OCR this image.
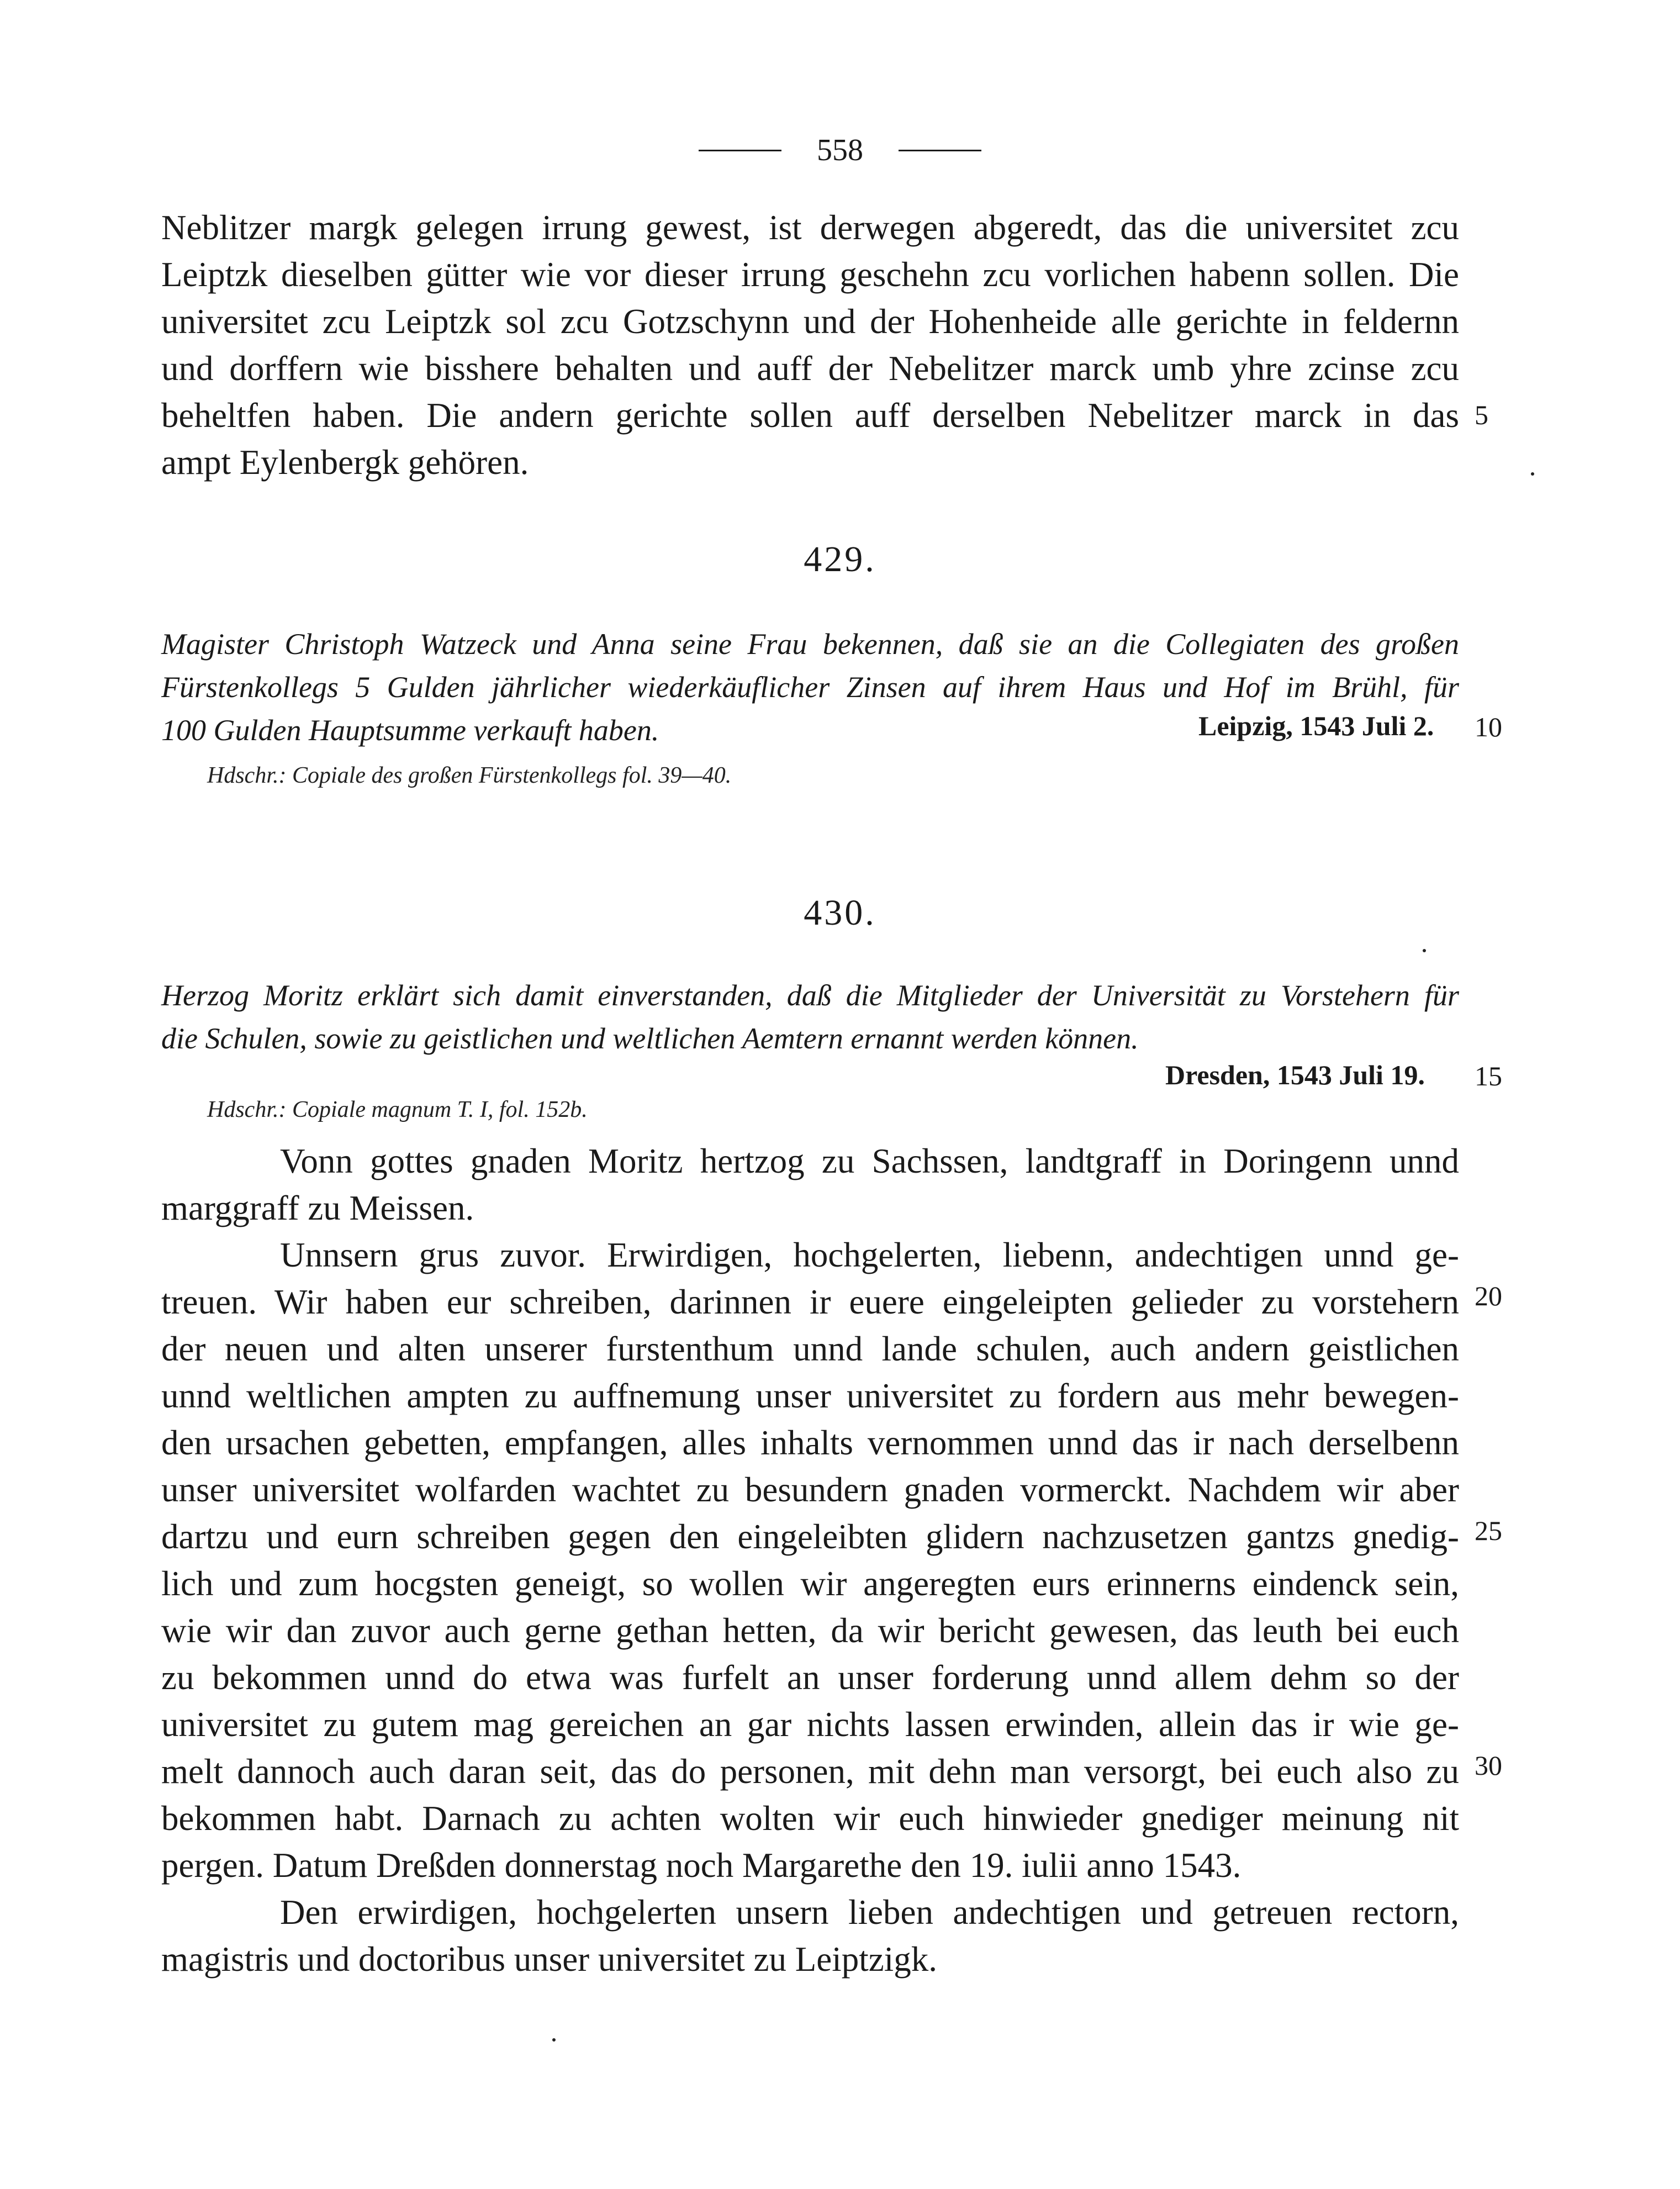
558
Neblitzer margk gelegen irrung gewest, ist derwegen abgeredt, das die universitet zcu
Leiptzk dieselben gütter wie vor dieser irrung geschehn zcu vorlichen habenn sollen. Die
universitet zcu Leiptzk sol zcu Gotzschynn und der Hohenheide alle gerichte in feldernn
und dorffern wie bisshere behalten und auff der Nebelitzer marck umb yhre zcinse zcu
beheltfen haben. Die andern gerichte sollen auff derselben Nebelitzer marck in das
ampt Eylenbergk gehören.
5
429.
Magister Christoph Watzeck und Anna seine Frau bekennen, daß sie an die Collegiaten des großen
Fürstenkollegs 5 Gulden jährlicher wiederkäuflicher Zinsen auf ihrem Haus und Hof im Brühl, für
100 Gulden Hauptsumme verkauft haben.	Leipzig, 1543 Juli 2. 10
Hdschr.: Copiale des großen Fürstenkollegs fol. 39—40.
430.
Herzog Moritz erklärt sich damit einverstanden, daß die Mitglieder der Universität zu Vorstehern für
die Schulen, sowie zu geistlichen und weltlichen Aemtern ernannt werden können.
Dresden, 1543 Juli 19. 15
Hdschr.: Copiale magnum T. I, fol. 152b.
Vonn gottes gnaden Moritz hertzog zu Sachssen, landtgraff in Doringenn unnd
marggraff zu Meissen.
Unnsern grus zuvor. Erwirdigen, hochgelerten, liebenn, andechtigen unnd ge-
treuen. Wir haben eur schreiben, darinnen ir euere eingeleipten gelieder zu vorstehern
der neuen und alten unserer furstenthum unnd lande schulen, auch andern geistlichen
unnd weltlichen ampten zu auffnemung unser universitet zu fordern aus mehr bewegen-
den ursachen gebetten, empfangen, alles inhalts vernommen unnd das ir nach derselbenn
unser universitet wolfarden wachtet zu besundern gnaden vormerckt. Nachdem wir aber
dartzu und eurn schreiben gegen den eingeleibten glidern nachzusetzen gantzs gnedig-
lich und zum hocgsten geneigt, so wollen wir angeregten eurs erinnerns eindenck sein,
wie wir dan zuvor auch gerne gethan hetten, da wir bericht gewesen, das leuth bei euch
zu bekommen unnd do etwa was furfelt an unser forderung unnd allem dehm so der
universitet zu gutem mag gereichen an gar nichts lassen erwinden, allein das ir wie ge-
melt dannoch auch daran seit, das do personen, mit dehn man versorgt, bei euch also zu
bekommen habt. Darnach zu achten wolten wir euch hinwieder gnediger meinung nit
pergen. Datum Dreßden donnerstag noch Margarethe den 19. iulii anno 1543.
Den erwirdigen, hochgelerten unsern lieben andechtigen und getreuen rectorn,
magistris und doctoribus unser universitet zu Leiptzigk.
20
25
30
